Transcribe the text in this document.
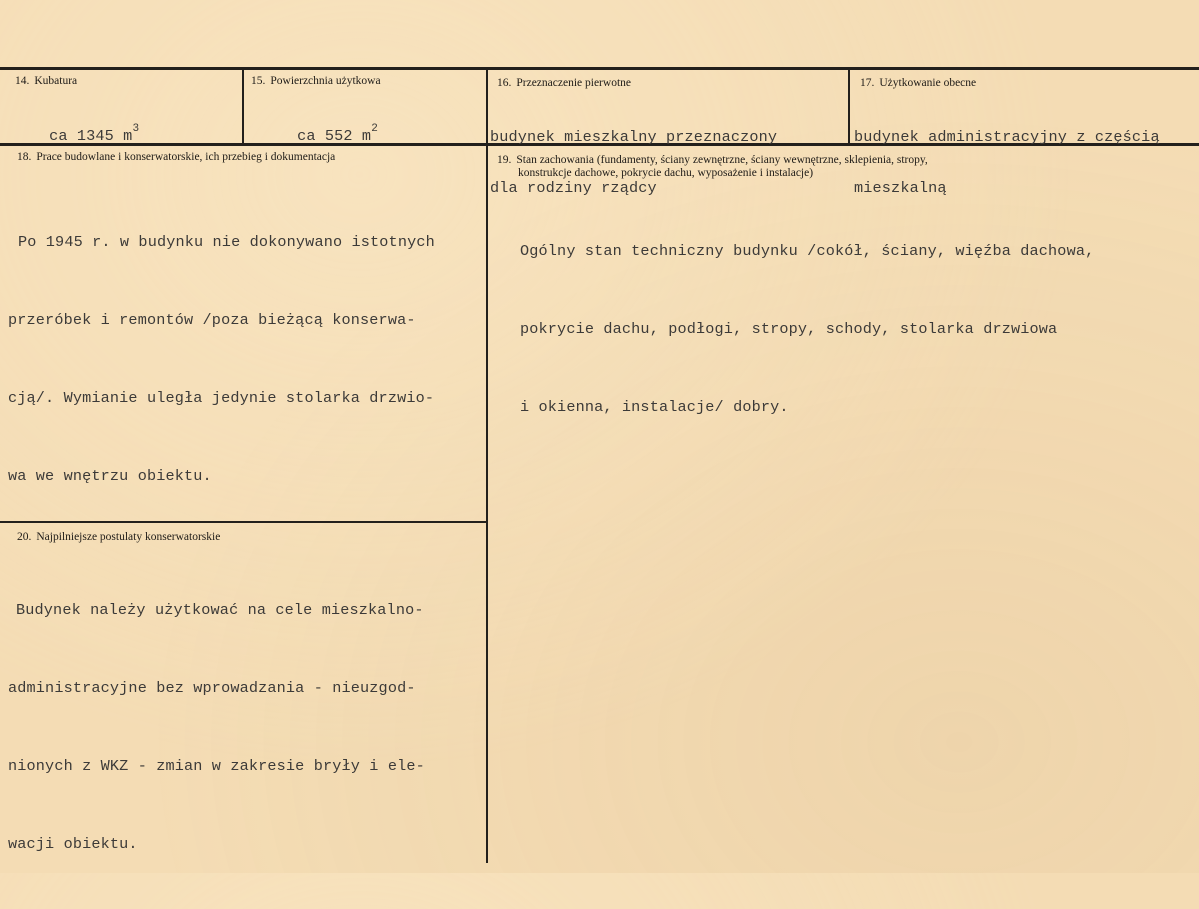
14. Kubatura

ca 1345 $m^3$

15. Powierzchnia użytkowa

ca 552 $m^2$

16. Przeznaczenie pierwotne

budynek mieszkalny przeznaczony

dla rodziny rządcy

17. Użytkowanie obecne

budynek administracyjny z częścią

mieszkalną

18. Prace budowlane i konserwatorskie, ich przebieg i dokumentacja

Po 1945 r. w budynku nie dokonywano istotnych

przeróbek i remontów /poza bieżącą konserwa-

cją/. Wymianie uległa jedynie stolarka drzwio-

wa we wnętrzu obiektu.

19. Stan zachowania (fundamenty, ściany zewnętrzne, ściany wewnętrzne, sklepienia, stropy,
konstrukcje dachowe, pokrycie dachu, wyposażenie i instalacje)

Ogólny stan techniczny budynku /cokół, ściany, więźba dachowa,

pokrycie dachu, podłogi, stropy, schody, stolarka drzwiowa

i okienna, instalacje/ dobry.

20. Najpilniejsze postulaty konserwatorskie

Budynek należy użytkować na cele mieszkalno-

administracyjne bez wprowadzania - nieuzgod-

nionych z WKZ - zmian w zakresie bryły i ele-

wacji obiektu.
